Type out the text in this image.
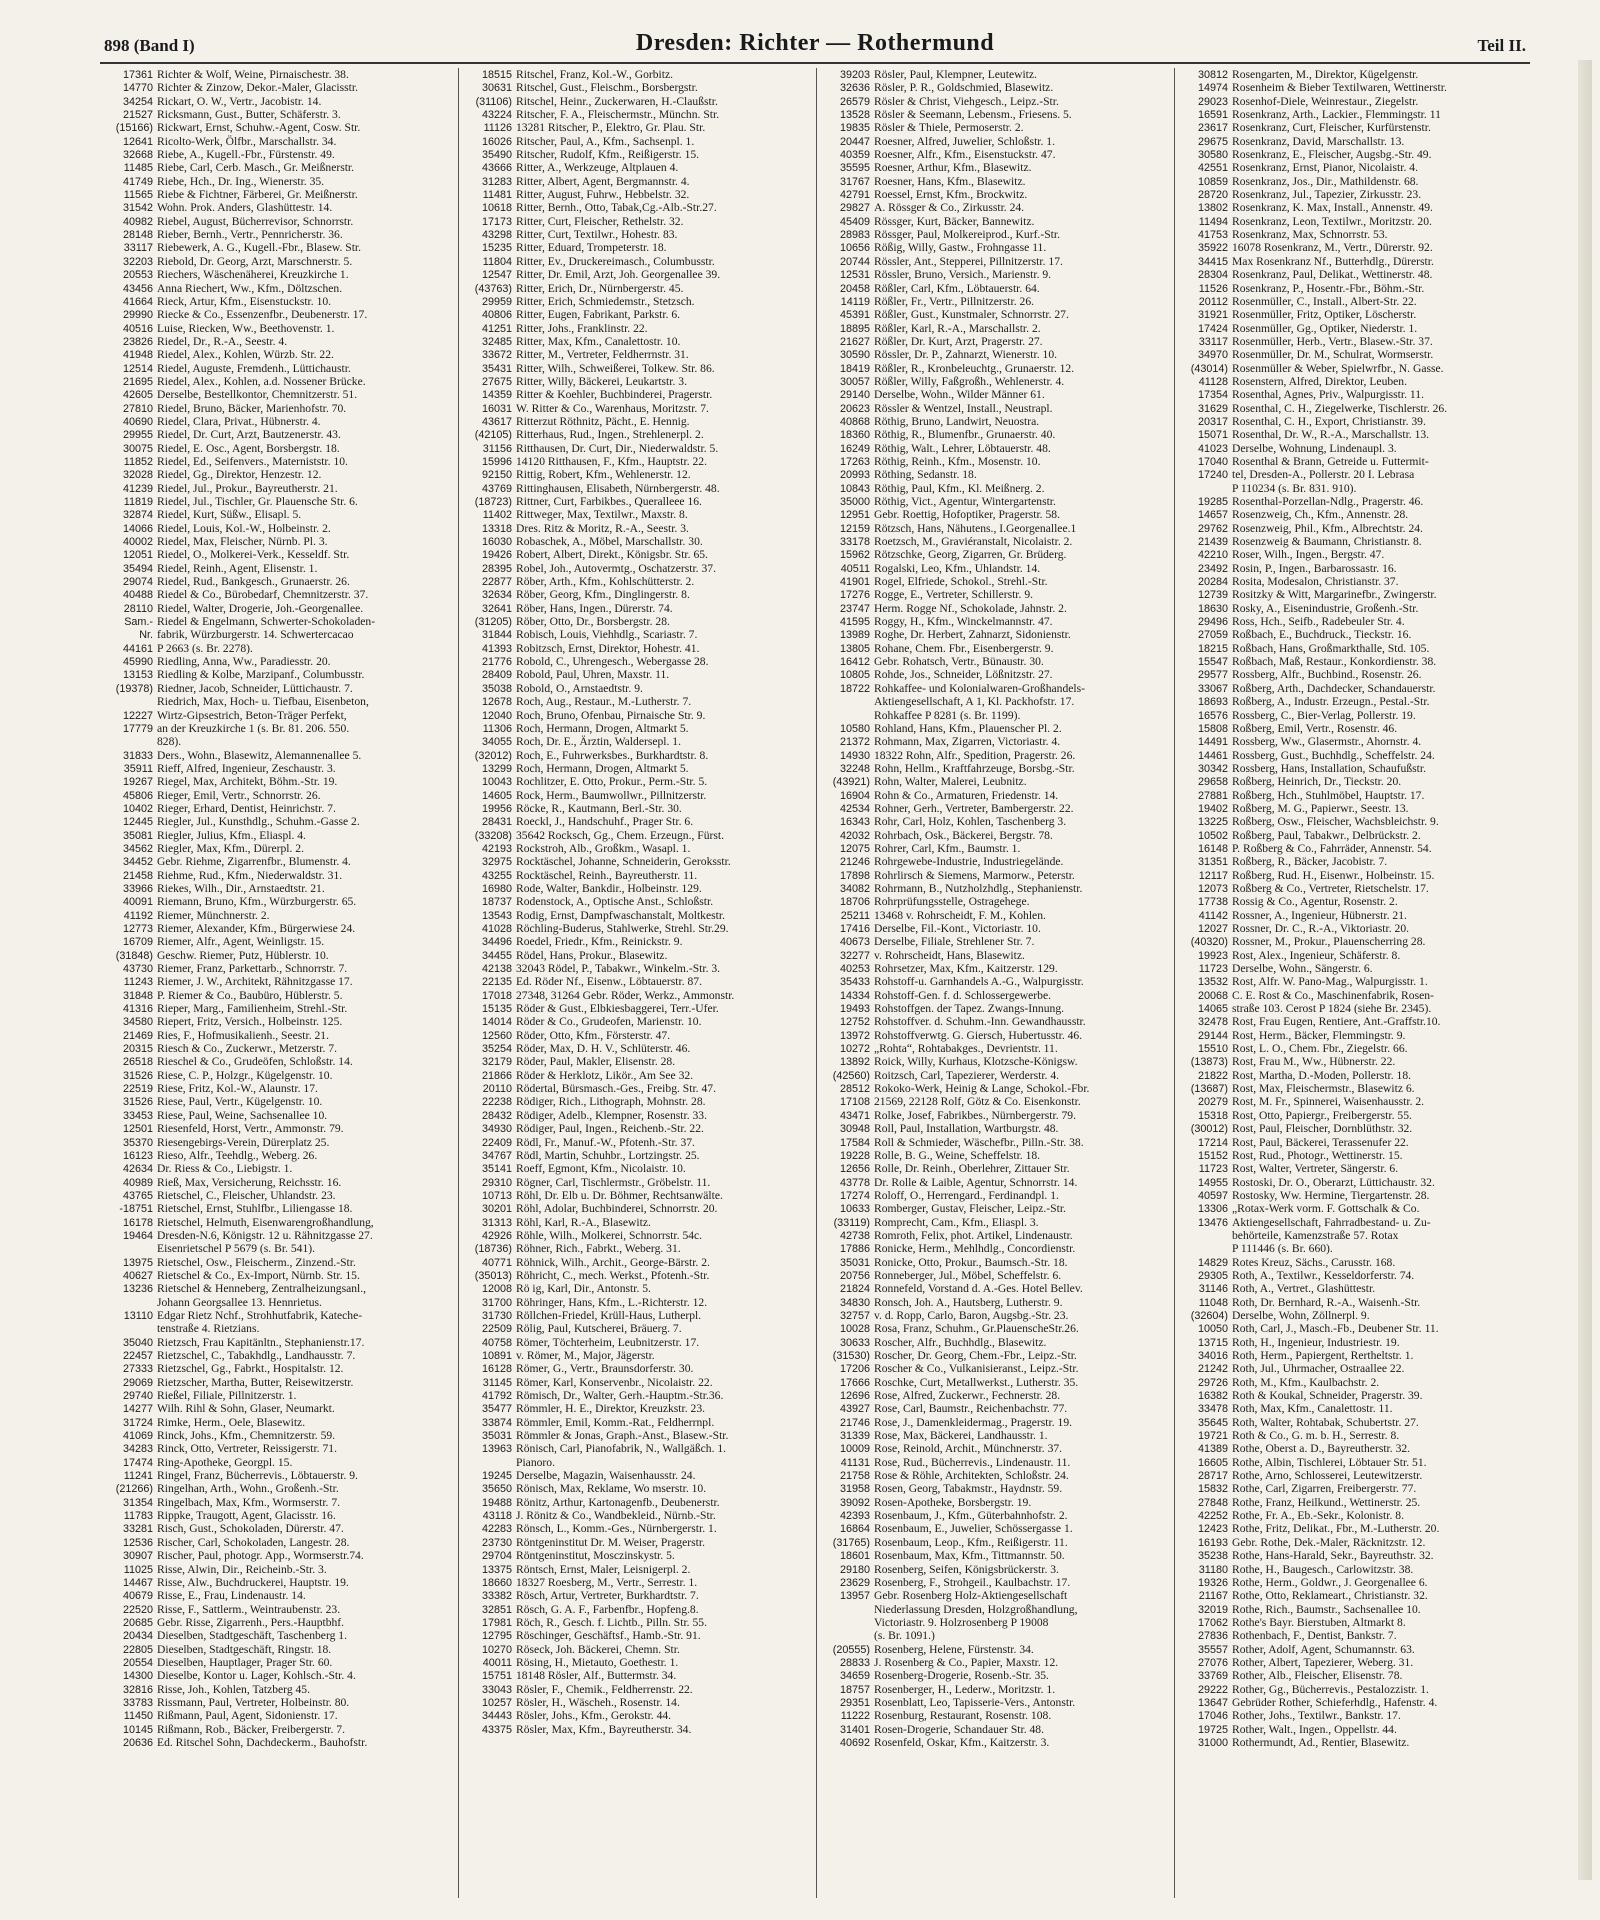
898 (Band I)	Dresden: Richter — Rothermund	Teil II.
17361 Richter & Wolf, Weine, Pirnaischestr. 38.
14770 Richter & Zinzow, Dekor.-Maler, Glacisstr.
34254 Rickart, O. W., Vertr., Jacobistr. 14.
21527 Ricksmann, Gust., Butter, Schäferstr. 3.
(15166) Rickwart, Ernst, Schuhw.-Agent, Cosw. Str.
12641 Ricolto-Werk, Ölfbr., Marschallstr. 34.
32668 Riebe, A., Kugell.-Fbr., Fürstenstr. 49.
11485 Riebe, Carl, Cerb. Masch., Gr. Meißnerstr.
41749 Riebe, Hch., Dr. Ing., Wienerstr. 35.
11565 Riebe & Fichtner, Färberei, Gr. Meißnerstr.
31542 Wohn. Prok. Anders, Glashüttestr. 14.
40982 Riebel, August, Bücherrevisor, Schnorrstr.
28148 Rieber, Bernh., Vertr., Pennricherstr. 36.
33117 Riebewerk, A. G., Kugell.-Fbr., Blasew. Str.
32203 Riebold, Dr. Georg, Arzt, Marschnerstr. 5.
20553 Riechers, Wäschenäherei, Kreuzkirche 1.
43456 Anna Riechert, Ww., Kfm., Döltzschen.
41664 Rieck, Artur, Kfm., Eisenstuckstr. 10.
29990 Riecke & Co., Essenzenfbr., Deubenerstr. 17.
40516 Luise, Riecken, Ww., Beethovenstr. 1.
23826 Riedel, Dr., R.-A., Seestr. 4.
41948 Riedel, Alex., Kohlen, Würzb. Str. 22.
12514 Riedel, Auguste, Fremdenh., Lüttichaustr.
21695 Riedel, Alex., Kohlen, a.d. Nossener Brücke.
42605 Derselbe, Bestellkontor, Chemnitzerstr. 51.
27810 Riedel, Bruno, Bäcker, Marienhofstr. 70.
40690 Riedel, Clara, Privat., Hübnerstr. 4.
29955 Riedel, Dr. Curt, Arzt, Bautzenerstr. 43.
30075 Riedel, E. Osc., Agent, Borsbergstr. 18.
11852 Riedel, Ed., Seifenvers., Materniststr. 10.
32028 Riedel, Gg., Direktor, Henzestr. 12.
41239 Riedel, Jul., Prokur., Bayreutherstr. 21.
11819 Riedel, Jul., Tischler, Gr. Plauensche Str. 6.
32874 Riedel, Kurt, Süßw., Elisapl. 5.
14066 Riedel, Louis, Kol.-W., Holbeinstr. 2.
40002 Riedel, Max, Fleischer, Nürnb. Pl. 3.
12051 Riedel, O., Molkerei-Verk., Kesseldf. Str.
35494 Riedel, Reinh., Agent, Elisenstr. 1.
29074 Riedel, Rud., Bankgesch., Grunaerstr. 26.
40488 Riedel & Co., Bürobedarf, Chemnitzerstr. 37.
28110 Riedel, Walter, Drogerie, Joh.-Georgenallee.
Sam.- Riedel & Engelmann, Schwerter-Schokoladen-
Nr. fabrik, Würzburgerstr. 14. Schwertercacao
44161 P 2663 (s. Br. 2278).
45990 Riedling, Anna, Ww., Paradiesstr. 20.
13153 Riedling & Kolbe, Marzipanf., Columbusstr.
(19378) Riedner, Jacob, Schneider, Lüttichaustr. 7.
Riedrich, Max, Hoch- u. Tiefbau, Eisenbeton,
12227 Wirtz-Gipsestrich, Beton-Träger Perfekt,
17779 an der Kreuzkirche 1 (s. Br. 81. 206. 550.
828).
31833 Ders., Wohn., Blasewitz, Alemannenallee 5.
35911 Rieff, Alfred, Ingenieur, Zeschaustr. 3.
19267 Riegel, Max, Architekt, Böhm.-Str. 19.
45806 Rieger, Emil, Vertr., Schnorrstr. 26.
10402 Rieger, Erhard, Dentist, Heinrichstr. 7.
12445 Riegler, Jul., Kunsthdlg., Schuhm.-Gasse 2.
35081 Riegler, Julius, Kfm., Eliaspl. 4.
34562 Riegler, Max, Kfm., Dürerpl. 2.
34452 Gebr. Riehme, Zigarrenfbr., Blumenstr. 4.
21458 Riehme, Rud., Kfm., Niederwaldstr. 31.
33966 Riekes, Wilh., Dir., Arnstaedtstr. 21.
40091 Riemann, Bruno, Kfm., Würzburgerstr. 65.
41192 Riemer, Münchnerstr. 2.
12773 Riemer, Alexander, Kfm., Bürgerwiese 24.
16709 Riemer, Alfr., Agent, Weinligstr. 15.
(31848) Geschw. Riemer, Putz, Hüblerstr. 10.
43730 Riemer, Franz, Parkettarb., Schnorrstr. 7.
11243 Riemer, J. W., Architekt, Rähnitzgasse 17.
31848 P. Riemer & Co., Baubüro, Hüblerstr. 5.
41316 Rieper, Marg., Familienheim, Strehl.-Str.
34580 Riepert, Fritz, Versich., Holbeinstr. 125.
21469 Ries, F., Hofmusikalienh., Seestr. 21.
20315 Riesch & Co., Zuckerwr., Metzerstr. 7.
26518 Rieschel & Co., Grudeöfen, Schloßstr. 14.
31526 Riese, C. P., Holzgr., Kügelgenstr. 10.
22519 Riese, Fritz, Kol.-W., Alaunstr. 17.
31526 Riese, Paul, Vertr., Kügelgenstr. 10.
33453 Riese, Paul, Weine, Sachsenallee 10.
12501 Riesenfeld, Horst, Vertr., Ammonstr. 79.
35370 Riesengebirgs-Verein, Dürerplatz 25.
16123 Rieso, Alfr., Teehdlg., Weberg. 26.
42634 Dr. Riess & Co., Liebigstr. 1.
40989 Rieß, Max, Versicherung, Reichsstr. 16.
43765 Rietschel, C., Fleischer, Uhlandstr. 23.
-18751 Rietschel, Ernst, Stuhlfbr., Liliengasse 18.
16178 Rietschel, Helmuth, Eisenwarengroßhandlung,
19464 Dresden-N.6, Königstr. 12 u. Rähnitzgasse 27.
Eisenrietschel P 5679 (s. Br. 541).
13975 Rietschel, Osw., Fleischerm., Zinzend.-Str.
40627 Rietschel & Co., Ex-Import, Nürnb. Str. 15.
13236 Rietschel & Henneberg, Zentralheizungsanl.,
Johann Georgsallee 13. Hennrietus.
13110 Edgar Rietz Nchf., Strohhutfabrik, Kateche-
tenstraße 4. Rietzians.
35040 Rietzsch, Frau Kapitänltn., Stephanienstr.17.
22457 Rietzschel, C., Tabakhdlg., Landhausstr. 7.
27333 Rietzschel, Gg., Fabrkt., Hospitalstr. 12.
29069 Rietzscher, Martha, Butter, Reisewitzerstr.
29740 Rießel, Filiale, Pillnitzerstr. 1.
14277 Wilh. Rihl & Sohn, Glaser, Neumarkt.
31724 Rimke, Herm., Oele, Blasewitz.
41069 Rinck, Johs., Kfm., Chemnitzerstr. 59.
34283 Rinck, Otto, Vertreter, Reissigerstr. 71.
17474 Ring-Apotheke, Georgpl. 15.
11241 Ringel, Franz, Bücherrevis., Löbtauerstr. 9.
(21266) Ringelhan, Arth., Wohn., Großenh.-Str.
31354 Ringelbach, Max, Kfm., Wormserstr. 7.
11783 Rippke, Traugott, Agent, Glacisstr. 16.
33281 Risch, Gust., Schokoladen, Dürerstr. 47.
12536 Rischer, Carl, Schokoladen, Langestr. 28.
30907 Rischer, Paul, photogr. App., Wormserstr.74.
11025 Risse, Alwin, Dir., Reicheinb.-Str. 3.
14467 Risse, Alw., Buchdruckerei, Hauptstr. 19.
40679 Risse, E., Frau, Lindenaustr. 14.
22520 Risse, F., Sattlerm., Weintraubenstr. 23.
20685 Gebr. Risse, Zigarrenh., Pers.-Hauptbhf.
20434 Dieselben, Stadtgeschäft, Taschenberg 1.
22805 Dieselben, Stadtgeschäft, Ringstr. 18.
20554 Dieselben, Hauptlager, Prager Str. 60.
14300 Dieselbe, Kontor u. Lager, Kohlsch.-Str. 4.
32816 Risse, Joh., Kohlen, Tatzberg 45.
33783 Rissmann, Paul, Vertreter, Holbeinstr. 80.
11450 Rißmann, Paul, Agent, Sidonienstr. 17.
10145 Rißmann, Rob., Bäcker, Freibergerstr. 7.
20636 Ed. Ritschel Sohn, Dachdeckerm., Bauhofstr.
18515 Ritschel, Franz, Kol.-W., Gorbitz.
30631 Ritschel, Gust., Fleischm., Borsbergstr.
(31106) Ritschel, Heinr., Zuckerwaren, H.-Claußstr.
43224 Ritscher, F. A., Fleischermstr., Münchn. Str.
11126 13281 Ritscher, P., Elektro, Gr. Plau. Str.
16026 Ritscher, Paul, A., Kfm., Sachsenpl. 1.
35490 Ritscher, Rudolf, Kfm., Reißigerstr. 15.
43666 Ritter, A., Werkzeuge, Altplauen 4.
31283 Ritter, Albert, Agent, Bergmannstr. 4.
11481 Ritter, August, Fuhrw., Hebbelstr. 32.
10618 Ritter, Bernh., Otto, Tabak,Cg.-Alb.-Str.27.
17173 Ritter, Curt, Fleischer, Rethelstr. 32.
43298 Ritter, Curt, Textilwr., Hohestr. 83.
15235 Ritter, Eduard, Trompeterstr. 18.
11804 Ritter, Ev., Druckereimasch., Columbusstr.
12547 Ritter, Dr. Emil, Arzt, Joh. Georgenallee 39.
(43763) Ritter, Erich, Dr., Nürnbergerstr. 45.
29959 Ritter, Erich, Schmiedemstr., Stetzsch.
40806 Ritter, Eugen, Fabrikant, Parkstr. 6.
41251 Ritter, Johs., Franklinstr. 22.
32485 Ritter, Max, Kfm., Canalettostr. 10.
33672 Ritter, M., Vertreter, Feldherrnstr. 31.
35431 Ritter, Wilh., Schweißerei, Tolkew. Str. 86.
27675 Ritter, Willy, Bäckerei, Leukartstr. 3.
14359 Ritter & Koehler, Buchbinderei, Pragerstr.
16031 W. Ritter & Co., Warenhaus, Moritzstr. 7.
43617 Ritterzut Röthnitz, Pächt., E. Hennig.
(42105) Ritterhaus, Rud., Ingen., Strehlenerpl. 2.
31156 Ritthausen, Dr. Curt, Dir., Niederwaldstr. 5.
15996 14120 Ritthausen, F., Kfm., Hauptstr. 22.
92150 Rittig, Robert, Kfm., Wehlenerstr. 12.
43769 Rittinghausen, Elisabeth, Nürnbergerstr. 48.
(18723) Rittner, Curt, Farbikbes., Queralleee 16.
11402 Rittweger, Max, Textilwr., Maxstr. 8.
13318 Dres. Ritz & Moritz, R.-A., Seestr. 3.
16030 Robaschek, A., Möbel, Marschallstr. 30.
19426 Robert, Albert, Direkt., Königsbr. Str. 65.
28395 Robel, Joh., Autovermtg., Oschatzerstr. 37.
22877 Röber, Arth., Kfm., Kohlschütterstr. 2.
32634 Röber, Georg, Kfm., Dinglingerstr. 8.
32641 Röber, Hans, Ingen., Dürerstr. 74.
(31205) Röber, Otto, Dr., Borsbergstr. 28.
31844 Robisch, Louis, Viehhdlg., Scariastr. 7.
41393 Robitzsch, Ernst, Direktor, Hohestr. 41.
21776 Robold, C., Uhrengesch., Webergasse 28.
28409 Robold, Paul, Uhren, Maxstr. 11.
35038 Robold, O., Arnstaedtstr. 9.
12678 Roch, Aug., Restaur., M.-Lutherstr. 7.
12040 Roch, Bruno, Ofenbau, Pirnaische Str. 9.
11306 Roch, Hermann, Drogen, Altmarkt 5.
34055 Roch, Dr. E., Ärztin, Waldersepl. 1.
(32012) Roch, E., Fuhrwerksbes., Burkhardtstr. 8.
13299 Roch, Hermann, Drogen, Altmarkt 5.
10043 Rochlitzer, E. Otto, Prokur., Perm.-Str. 5.
14605 Rock, Herm., Baumwollwr., Pillnitzerstr.
19956 Röcke, R., Kautmann, Berl.-Str. 30.
28431 Roeckl, J., Handschuhf., Prager Str. 6.
(33208) 35642 Rocksch, Gg., Chem. Erzeugn., Fürst.
42193 Rockstroh, Alb., Großkm., Wasapl. 1.
32975 Rocktäschel, Johanne, Schneiderin, Geroksstr.
43255 Rocktäschel, Reinh., Bayreutherstr. 11.
16980 Rode, Walter, Bankdir., Holbeinstr. 129.
18737 Rodenstock, A., Optische Anst., Schloßstr.
13543 Rodig, Ernst, Dampfwaschanstalt, Moltkestr.
41028 Röchling-Buderus, Stahlwerke, Strehl. Str.29.
34496 Roedel, Friedr., Kfm., Reinickstr. 9.
34455 Rödel, Hans, Prokur., Blasewitz.
42138 32043 Rödel, P., Tabakwr., Winkelm.-Str. 3.
22135 Ed. Röder Nf., Eisenw., Löbtauerstr. 87.
17018 27348, 31264 Gebr. Röder, Werkz., Ammonstr.
15135 Röder & Gust., Elbkiesbaggerei, Terr.-Ufer.
14014 Röder & Co., Grudeofen, Marienstr. 10.
12560 Röder, Otto, Kfm., Försterstr. 47.
35254 Röder, Max, D. H. V., Schlüterstr. 46.
32179 Röder, Paul, Makler, Elisenstr. 28.
21866 Röder & Herklotz, Likör., Am See 32.
20110 Rödertal, Bürsmasch.-Ges., Freibg. Str. 47.
22238 Rödiger, Rich., Lithograph, Mohnstr. 28.
28432 Rödiger, Adelb., Klempner, Rosenstr. 33.
34930 Rödiger, Paul, Ingen., Reichenb.-Str. 22.
22409 Rödl, Fr., Manuf.-W., Pfotenh.-Str. 37.
34767 Rödl, Martin, Schuhbr., Lortzingstr. 25.
35141 Roeff, Egmont, Kfm., Nicolaistr. 10.
29310 Rögner, Carl, Tischlermstr., Gröbelstr. 11.
10713 Röhl, Dr. Elb u. Dr. Böhmer, Rechtsanwälte.
30201 Röhl, Adolar, Buchbinderei, Schnorrstr. 20.
31313 Röhl, Karl, R.-A., Blasewitz.
42926 Röhle, Wilh., Molkerei, Schnorrstr. 54c.
(18736) Röhner, Rich., Fabrkt., Weberg. 31.
40771 Röhnick, Wilh., Archit., George-Bärstr. 2.
(35013) Röhricht, C., mech. Werkst., Pfotenh.-Str.
12008 Rö ig, Karl, Dir., Antonstr. 5.
31700 Röhringer, Hans, Kfm., L.-Richterstr. 12.
31730 Röllchen-Friedel, Krüll-Haus, Lutherpl.
22509 Rölig, Paul, Kutscherei, Bräuerg. 7.
40758 Römer, Töchterheim, Leubnitzerstr. 17.
10891 v. Römer, M., Major, Jägerstr.
16128 Römer, G., Vertr., Braunsdorferstr. 30.
31145 Römer, Karl, Konservenbr., Nicolaistr. 22.
41792 Römisch, Dr., Walter, Gerh.-Hauptm.-Str.36.
35477 Römmler, H. E., Direktor, Kreuzkstr. 23.
33874 Römmler, Emil, Komm.-Rat., Feldherrnpl.
35031 Römmler & Jonas, Graph.-Anst., Blasew.-Str.
13963 Rönisch, Carl, Pianofabrik, N., Wallgäßch. 1.
Pianoro.
19245 Derselbe, Magazin, Waisenhausstr. 24.
35650 Rönisch, Max, Reklame, Wo mserstr. 10.
19488 Rönitz, Arthur, Kartonagenfb., Deubenerstr.
43118 J. Rönitz & Co., Wandbekleid., Nürnb.-Str.
42283 Rönsch, L., Komm.-Ges., Nürnbergerstr. 1.
23730 Röntgeninstitut Dr. M. Weiser, Pragerstr.
29704 Röntgeninstitut, Mosczinskystr. 5.
13375 Röntsch, Ernst, Maler, Leisnigerpl. 2.
18660 18327 Roesberg, M., Vertr., Serrestr. 1.
33382 Rösch, Artur, Vertreter, Burkhardtstr. 7.
32851 Rösch, G. A. F., Farbenfbr., Hopfeng.8.
17981 Röch, R., Gesch. f. Lichtb., Pilln. Str. 55.
12795 Röschinger, Geschäftsf., Hamb.-Str. 91.
10270 Röseck, Joh. Bäckerei, Chemn. Str.
40011 Rösing, H., Mietauto, Goethestr. 1.
15751 18148 Rösler, Alf., Buttermstr. 34.
33043 Rösler, F., Chemik., Feldherrenstr. 22.
10257 Rösler, H., Wäscheh., Rosenstr. 14.
34443 Rösler, Johs., Kfm., Gerokstr. 44.
43375 Rösler, Max, Kfm., Bayreutherstr. 34.
39203 Rösler, Paul, Klempner, Leutewitz.
32636 Rösler, P. R., Goldschmied, Blasewitz.
26579 Rösler & Christ, Viehgesch., Leipz.-Str.
13528 Rösler & Seemann, Lebensm., Friesens. 5.
19835 Rösler & Thiele, Permoserstr. 2.
20447 Roesner, Alfred, Juwelier, Schloßstr. 1.
40359 Roesner, Alfr., Kfm., Eisenstuckstr. 47.
35595 Roesner, Arthur, Kfm., Blasewitz.
31767 Roesner, Hans, Kfm., Blasewitz.
42791 Roessel, Ernst, Kfm., Brockwitz.
29827 A. Rössger & Co., Zirkusstr. 24.
45409 Rössger, Kurt, Bäcker, Bannewitz.
28983 Rössger, Paul, Molkereiprod., Kurf.-Str.
10656 Rößig, Willy, Gastw., Frohngasse 11.
20744 Rössler, Ant., Stepperei, Pillnitzerstr. 17.
12531 Rössler, Bruno, Versich., Marienstr. 9.
20458 Rößler, Carl, Kfm., Löbtauerstr. 64.
14119 Rößler, Fr., Vertr., Pillnitzerstr. 26.
45391 Rößler, Gust., Kunstmaler, Schnorrstr. 27.
18895 Rößler, Karl, R.-A., Marschallstr. 2.
21627 Rößler, Dr. Kurt, Arzt, Pragerstr. 27.
30590 Rössler, Dr. P., Zahnarzt, Wienerstr. 10.
18419 Rößler, R., Kronbeleuchtg., Grunaerstr. 12.
30057 Rößler, Willy, Faßgroßh., Wehlenerstr. 4.
29140 Derselbe, Wohn., Wilder Männer 61.
20623 Rössler & Wentzel, Install., Neustrapl.
40868 Röthig, Bruno, Landwirt, Neuostra.
18360 Röthig, R., Blumenfbr., Grunaerstr. 40.
16249 Röthig, Walt., Lehrer, Löbtauerstr. 48.
17263 Röthig, Reinh., Kfm., Mosenstr. 10.
20993 Röthing, Sedanstr. 18.
10843 Röthig, Paul, Kfm., Kl. Meißnerg. 2.
35000 Röthig, Vict., Agentur, Wintergartenstr.
12951 Gebr. Roettig, Hofoptiker, Pragerstr. 58.
12159 Rötzsch, Hans, Nähutens., I.Georgenallee.1
33178 Roetzsch, M., Graviéranstalt, Nicolaistr. 2.
15962 Rötzschke, Georg, Zigarren, Gr. Brüderg.
40511 Rogalski, Leo, Kfm., Uhlandstr. 14.
41901 Rogel, Elfriede, Schokol., Strehl.-Str.
17276 Rogge, E., Vertreter, Schillerstr. 9.
23747 Herm. Rogge Nf., Schokolade, Jahnstr. 2.
41595 Roggy, H., Kfm., Winckelmannstr. 47.
13989 Roghe, Dr. Herbert, Zahnarzt, Sidonienstr.
13805 Rohane, Chem. Fbr., Eisenbergerstr. 9.
16412 Gebr. Rohatsch, Vertr., Bünaustr. 30.
10805 Rohde, Jos., Schneider, Lößnitzstr. 27.
18722 Rohkaffee- und Kolonialwaren-Großhandels-
Aktiengesellschaft, A 1, Kl. Packhofstr. 17.
Rohkaffee P 8281 (s. Br. 1199).
10580 Rohland, Hans, Kfm., Plauenscher Pl. 2.
21372 Rohmann, Max, Zigarren, Victoriastr. 4.
14930 18322 Rohn, Alfr., Spedition, Pragerstr. 26.
32248 Rohn, Hellm., Kraftfahrzeuge, Borsbg.-Str.
(43921) Rohn, Walter, Malerei, Leubnitz.
16904 Rohn & Co., Armaturen, Friedenstr. 14.
42534 Rohner, Gerh., Vertreter, Bambergerstr. 22.
16343 Rohr, Carl, Holz, Kohlen, Taschenberg 3.
42032 Rohrbach, Osk., Bäckerei, Bergstr. 78.
12075 Rohrer, Carl, Kfm., Baumstr. 1.
21246 Rohrgewebe-Industrie, Industriegelände.
17898 Rohrlirsch & Siemens, Marmorw., Peterstr.
34082 Rohrmann, B., Nutzholzhdlg., Stephanienstr.
18706 Rohrprüfungsstelle, Ostragehege.
25211 13468 v. Rohrscheidt, F. M., Kohlen.
17416 Derselbe, Fil.-Kont., Victoriastr. 10.
40673 Derselbe, Filiale, Strehlener Str. 7.
32277 v. Rohrscheidt, Hans, Blasewitz.
40253 Rohrsetzer, Max, Kfm., Kaitzerstr. 129.
35433 Rohstoff-u. Garnhandels A.-G., Walpurgisstr.
14334 Rohstoff-Gen. f. d. Schlossergewerbe.
19493 Rohstoffgen. der Tapez. Zwangs-Innung.
12752 Rohstoffver. d. Schuhm.-Inn. Gewandhausstr.
13972 Rohstoffverwtg. G. Giersch, Hubertusstr. 46.
10272 „Rohta“, Rohtabakges., Devrientstr. 11.
13892 Roick, Willy, Kurhaus, Klotzsche-Königsw.
(42560) Roitzsch, Carl, Tapezierer, Werderstr. 4.
28512 Rokoko-Werk, Heinig & Lange, Schokol.-Fbr.
17108 21569, 22128 Rolf, Götz & Co. Eisenkonstr.
43471 Rolke, Josef, Fabrikbes., Nürnbergerstr. 79.
30948 Roll, Paul, Installation, Wartburgstr. 48.
17584 Roll & Schmieder, Wäschefbr., Pilln.-Str. 38.
19228 Rolle, B. G., Weine, Scheffelstr. 18.
12656 Rolle, Dr. Reinh., Oberlehrer, Zittauer Str.
43778 Dr. Rolle & Laible, Agentur, Schnorrstr. 14.
17274 Roloff, O., Herrengard., Ferdinandpl. 1.
10633 Romberger, Gustav, Fleischer, Leipz.-Str.
(33119) Romprecht, Cam., Kfm., Eliaspl. 3.
42738 Romroth, Felix, phot. Artikel, Lindenaustr.
17886 Ronicke, Herm., Mehlhdlg., Concordienstr.
35031 Ronicke, Otto, Prokur., Baumsch.-Str. 18.
20756 Ronneberger, Jul., Möbel, Scheffelstr. 6.
21824 Ronnefeld, Vorstand d. A.-Ges. Hotel Bellev.
34830 Ronsch, Joh. A., Hautsberg, Lutherstr. 9.
32757 v. d. Ropp, Carlo, Baron, Augsbg.-Str. 23.
10028 Rosa, Franz, Schuhm., Gr.PlauenscheStr.26.
30633 Roscher, Alfr., Buchhdlg., Blasewitz.
(31530) Roscher, Dr. Georg, Chem.-Fbr., Leipz.-Str.
17206 Roscher & Co., Vulkanisieranst., Leipz.-Str.
17666 Roschke, Curt, Metallwerkst., Lutherstr. 35.
12696 Rose, Alfred, Zuckerwr., Fechnerstr. 28.
43927 Rose, Carl, Baumstr., Reichenbachstr. 77.
21746 Rose, J., Damenkleidermag., Pragerstr. 19.
31339 Rose, Max, Bäckerei, Landhausstr. 1.
10009 Rose, Reinold, Archit., Münchnerstr. 37.
41131 Rose, Rud., Bücherrevis., Lindenaustr. 11.
21758 Rose & Röhle, Architekten, Schloßstr. 24.
31958 Rosen, Georg, Tabakmstr., Haydnstr. 59.
39092 Rosen-Apotheke, Borsbergstr. 19.
42393 Rosenbaum, J., Kfm., Güterbahnhofstr. 2.
16864 Rosenbaum, E., Juwelier, Schössergasse 1.
(31765) Rosenbaum, Leop., Kfm., Reißigerstr. 11.
18601 Rosenbaum, Max, Kfm., Tittmannstr. 50.
29180 Rosenberg, Seifen, Königsbrückerstr. 3.
23629 Rosenberg, F., Strohgeil., Kaulbachstr. 17.
13957 Gebr. Rosenberg Holz-Aktiengesellschaft
Niederlassung Dresden, Holzgroßhandlung,
Victoriastr. 9. Holzrosenberg P 19008
(s. Br. 1091.)
(20555) Rosenberg, Helene, Fürstenstr. 34.
28833 J. Rosenberg & Co., Papier, Maxstr. 12.
34659 Rosenberg-Drogerie, Rosenb.-Str. 35.
18757 Rosenberger, H., Lederw., Moritzstr. 1.
29351 Rosenblatt, Leo, Tapisserie-Vers., Antonstr.
11222 Rosenburg, Restaurant, Rosenstr. 108.
31401 Rosen-Drogerie, Schandauer Str. 48.
40692 Rosenfeld, Oskar, Kfm., Kaitzerstr. 3.
30812 Rosengarten, M., Direktor, Kügelgenstr.
14974 Rosenheim & Bieber Textilwaren, Wettinerstr.
29023 Rosenhof-Diele, Weinrestaur., Ziegelstr.
16591 Rosenkranz, Arth., Lackier., Flemmingstr. 11
23617 Rosenkranz, Curt, Fleischer, Kurfürstenstr.
29675 Rosenkranz, David, Marschallstr. 13.
30580 Rosenkranz, E., Fleischer, Augsbg.-Str. 49.
42551 Rosenkranz, Ernst, Pianor, Nicolaistr. 4.
10859 Rosenkranz, Jos., Dir., Mathildenstr. 68.
28720 Rosenkranz, Jul., Tapezier, Zirkusstr. 23.
13802 Rosenkranz, K. Max, Install., Annenstr. 49.
11494 Rosenkranz, Leon, Textilwr., Moritzstr. 20.
41753 Rosenkranz, Max, Schnorrstr. 53.
35922 16078 Rosenkranz, M., Vertr., Dürerstr. 92.
34415 Max Rosenkranz Nf., Butterhdlg., Dürerstr.
28304 Rosenkranz, Paul, Delikat., Wettinerstr. 48.
11526 Rosenkranz, P., Hosentr.-Fbr., Böhm.-Str.
20112 Rosenmüller, C., Install., Albert-Str. 22.
31921 Rosenmüller, Fritz, Optiker, Löscherstr.
17424 Rosenmüller, Gg., Optiker, Niederstr. 1.
33117 Rosenmüller, Herb., Vertr., Blasew.-Str. 37.
34970 Rosenmüller, Dr. M., Schulrat, Wormserstr.
(43014) Rosenmüller & Weber, Spielwrfbr., N. Gasse.
41128 Rosenstern, Alfred, Direktor, Leuben.
17354 Rosenthal, Agnes, Priv., Walpurgisstr. 11.
31629 Rosenthal, C. H., Ziegelwerke, Tischlerstr. 26.
20317 Rosenthal, C. H., Export, Christianstr. 39.
15071 Rosenthal, Dr. W., R.-A., Marschallstr. 13.
41023 Derselbe, Wohnung, Lindenaupl. 3.
17040 Rosenthal & Brann, Getreide u. Futtermit-
17240 tel, Dresden-A., Pollerstr. 20 I. Lebrasa
P 110234 (s. Br. 831. 910).
19285 Rosenthal-Porzellan-Ndlg., Pragerstr. 46.
14657 Rosenzweig, Ch., Kfm., Annenstr. 28.
29762 Rosenzweig, Phil., Kfm., Albrechtstr. 24.
21439 Rosenzweig & Baumann, Christianstr. 8.
42210 Roser, Wilh., Ingen., Bergstr. 47.
23492 Rosin, P., Ingen., Barbarossastr. 16.
20284 Rosita, Modesalon, Christianstr. 37.
12739 Rositzky & Witt, Margarinefbr., Zwingerstr.
18630 Rosky, A., Eisenindustrie, Großenh.-Str.
29496 Ross, Hch., Seifb., Radebeuler Str. 4.
27059 Roßbach, E., Buchdruck., Tieckstr. 16.
18215 Roßbach, Hans, Großmarkthalle, Std. 105.
15547 Roßbach, Maß, Restaur., Konkordienstr. 38.
29577 Rossberg, Alfr., Buchbind., Rosenstr. 26.
33067 Roßberg, Arth., Dachdecker, Schandauerstr.
18693 Roßberg, A., Industr. Erzeugn., Pestal.-Str.
16576 Rossberg, C., Bier-Verlag, Pollerstr. 19.
15808 Roßberg, Emil, Vertr., Rosenstr. 46.
14491 Rossberg, Ww., Glasermstr., Ahornstr. 4.
14461 Rossberg, Gust., Buchhdlg., Scheffelstr. 24.
30342 Rossberg, Hans, Installation, Schaufußstr.
29658 Roßberg, Heinrich, Dr., Tieckstr. 20.
27881 Roßberg, Hch., Stuhlmöbel, Hauptstr. 17.
19402 Roßberg, M. G., Papierwr., Seestr. 13.
13225 Roßberg, Osw., Fleischer, Wachsbleichstr. 9.
10502 Roßberg, Paul, Tabakwr., Delbrückstr. 2.
16148 P. Roßberg & Co., Fahrräder, Annenstr. 54.
31351 Roßberg, R., Bäcker, Jacobistr. 7.
12117 Roßberg, Rud. H., Eisenwr., Holbeinstr. 15.
12073 Roßberg & Co., Vertreter, Rietschelstr. 17.
17738 Rossig & Co., Agentur, Rosenstr. 2.
41142 Rossner, A., Ingenieur, Hübnerstr. 21.
12027 Rossner, Dr. C., R.-A., Viktoriastr. 20.
(40320) Rossner, M., Prokur., Plauenscherring 28.
19923 Rost, Alex., Ingenieur, Schäferstr. 8.
11723 Derselbe, Wohn., Sängerstr. 6.
13532 Rost, Alfr. W. Pano-Mag., Walpurgisstr. 1.
20068 C. E. Rost & Co., Maschinenfabrik, Rosen-
14065 straße 103. Cerost P 1824 (siehe Br. 2345).
32478 Rost, Frau Eugen, Rentiere, Ant.-Graffstr.10.
29144 Rost, Herm., Bäcker, Flemmingstr. 9.
15510 Rost, L. O., Chem. Fbr., Ziegelstr. 66.
(13873) Rost, Frau M., Ww., Hübnerstr. 22.
21822 Rost, Martha, D.-Moden, Pollerstr. 18.
(13687) Rost, Max, Fleischermstr., Blasewitz 6.
20279 Rost, M. Fr., Spinnerei, Waisenhausstr. 2.
15318 Rost, Otto, Papiergr., Freibergerstr. 55.
(30012) Rost, Paul, Fleischer, Dornblüthstr. 32.
17214 Rost, Paul, Bäckerei, Terassenufer 22.
15152 Rost, Rud., Photogr., Wettinerstr. 15.
11723 Rost, Walter, Vertreter, Sängerstr. 6.
14955 Rostoski, Dr. O., Oberarzt, Lüttichaustr. 32.
40597 Rostosky, Ww. Hermine, Tiergartenstr. 28.
13306 „Rotax-Werk vorm. F. Gottschalk & Co.
13476 Aktiengesellschaft, Fahrradbestand- u. Zu-
behörteile, Kamenzstraße 57. Rotax
P 111446 (s. Br. 660).
14829 Rotes Kreuz, Sächs., Carusstr. 168.
29305 Roth, A., Textilwr., Kesseldorferstr. 74.
31146 Roth, A., Vertret., Glashüttestr.
11048 Roth, Dr. Bernhard, R.-A., Waisenh.-Str.
(32604) Derselbe, Wohn, Zöllnerpl. 9.
10050 Roth, Carl, J., Masch.-Fb., Deubener Str. 11.
13715 Roth, H., Ingenieur, Industriestr. 19.
34016 Roth, Herm., Papiergent, Rertheltstr. 1.
21242 Roth, Jul., Uhrmacher, Ostraallee 22.
29726 Roth, M., Kfm., Kaulbachstr. 2.
16382 Roth & Koukal, Schneider, Pragerstr. 39.
33478 Roth, Max, Kfm., Canalettostr. 11.
35645 Roth, Walter, Rohtabak, Schubertstr. 27.
19721 Roth & Co., G. m. b. H., Serrestr. 8.
41389 Rothe, Oberst a. D., Bayreutherstr. 32.
16605 Rothe, Albin, Tischlerei, Löbtauer Str. 51.
28717 Rothe, Arno, Schlosserei, Leutewitzerstr.
15832 Rothe, Carl, Zigarren, Freibergerstr. 77.
27848 Rothe, Franz, Heilkund., Wettinerstr. 25.
42252 Rothe, Fr. A., Eb.-Sekr., Kolonistr. 8.
12423 Rothe, Fritz, Delikat., Fbr., M.-Lutherstr. 20.
16193 Gebr. Rothe, Dek.-Maler, Räcknitzstr. 12.
35238 Rothe, Hans-Harald, Sekr., Bayreuthstr. 32.
31180 Rothe, H., Baugesch., Carlowitzstr. 38.
19326 Rothe, Herm., Goldwr., J. Georgenallee 6.
21167 Rothe, Otto, Reklameart., Christianstr. 32.
32019 Rothe, Rich., Baumstr., Sachsenallee 10.
17062 Rothe's Bayr. Bierstuben, Altmarkt 8.
27836 Rothenbach, F., Dentist, Bankstr. 7.
35557 Rother, Adolf, Agent, Schumannstr. 63.
27076 Rother, Albert, Tapezierer, Weberg. 31.
33769 Rother, Alb., Fleischer, Elisenstr. 78.
29222 Rother, Gg., Bücherrevis., Pestalozzistr. 1.
13647 Gebrüder Rother, Schieferhdlg., Hafenstr. 4.
17046 Rother, Johs., Textilwr., Bankstr. 17.
19725 Rother, Walt., Ingen., Oppellstr. 44.
31000 Rothermundt, Ad., Rentier, Blasewitz.
